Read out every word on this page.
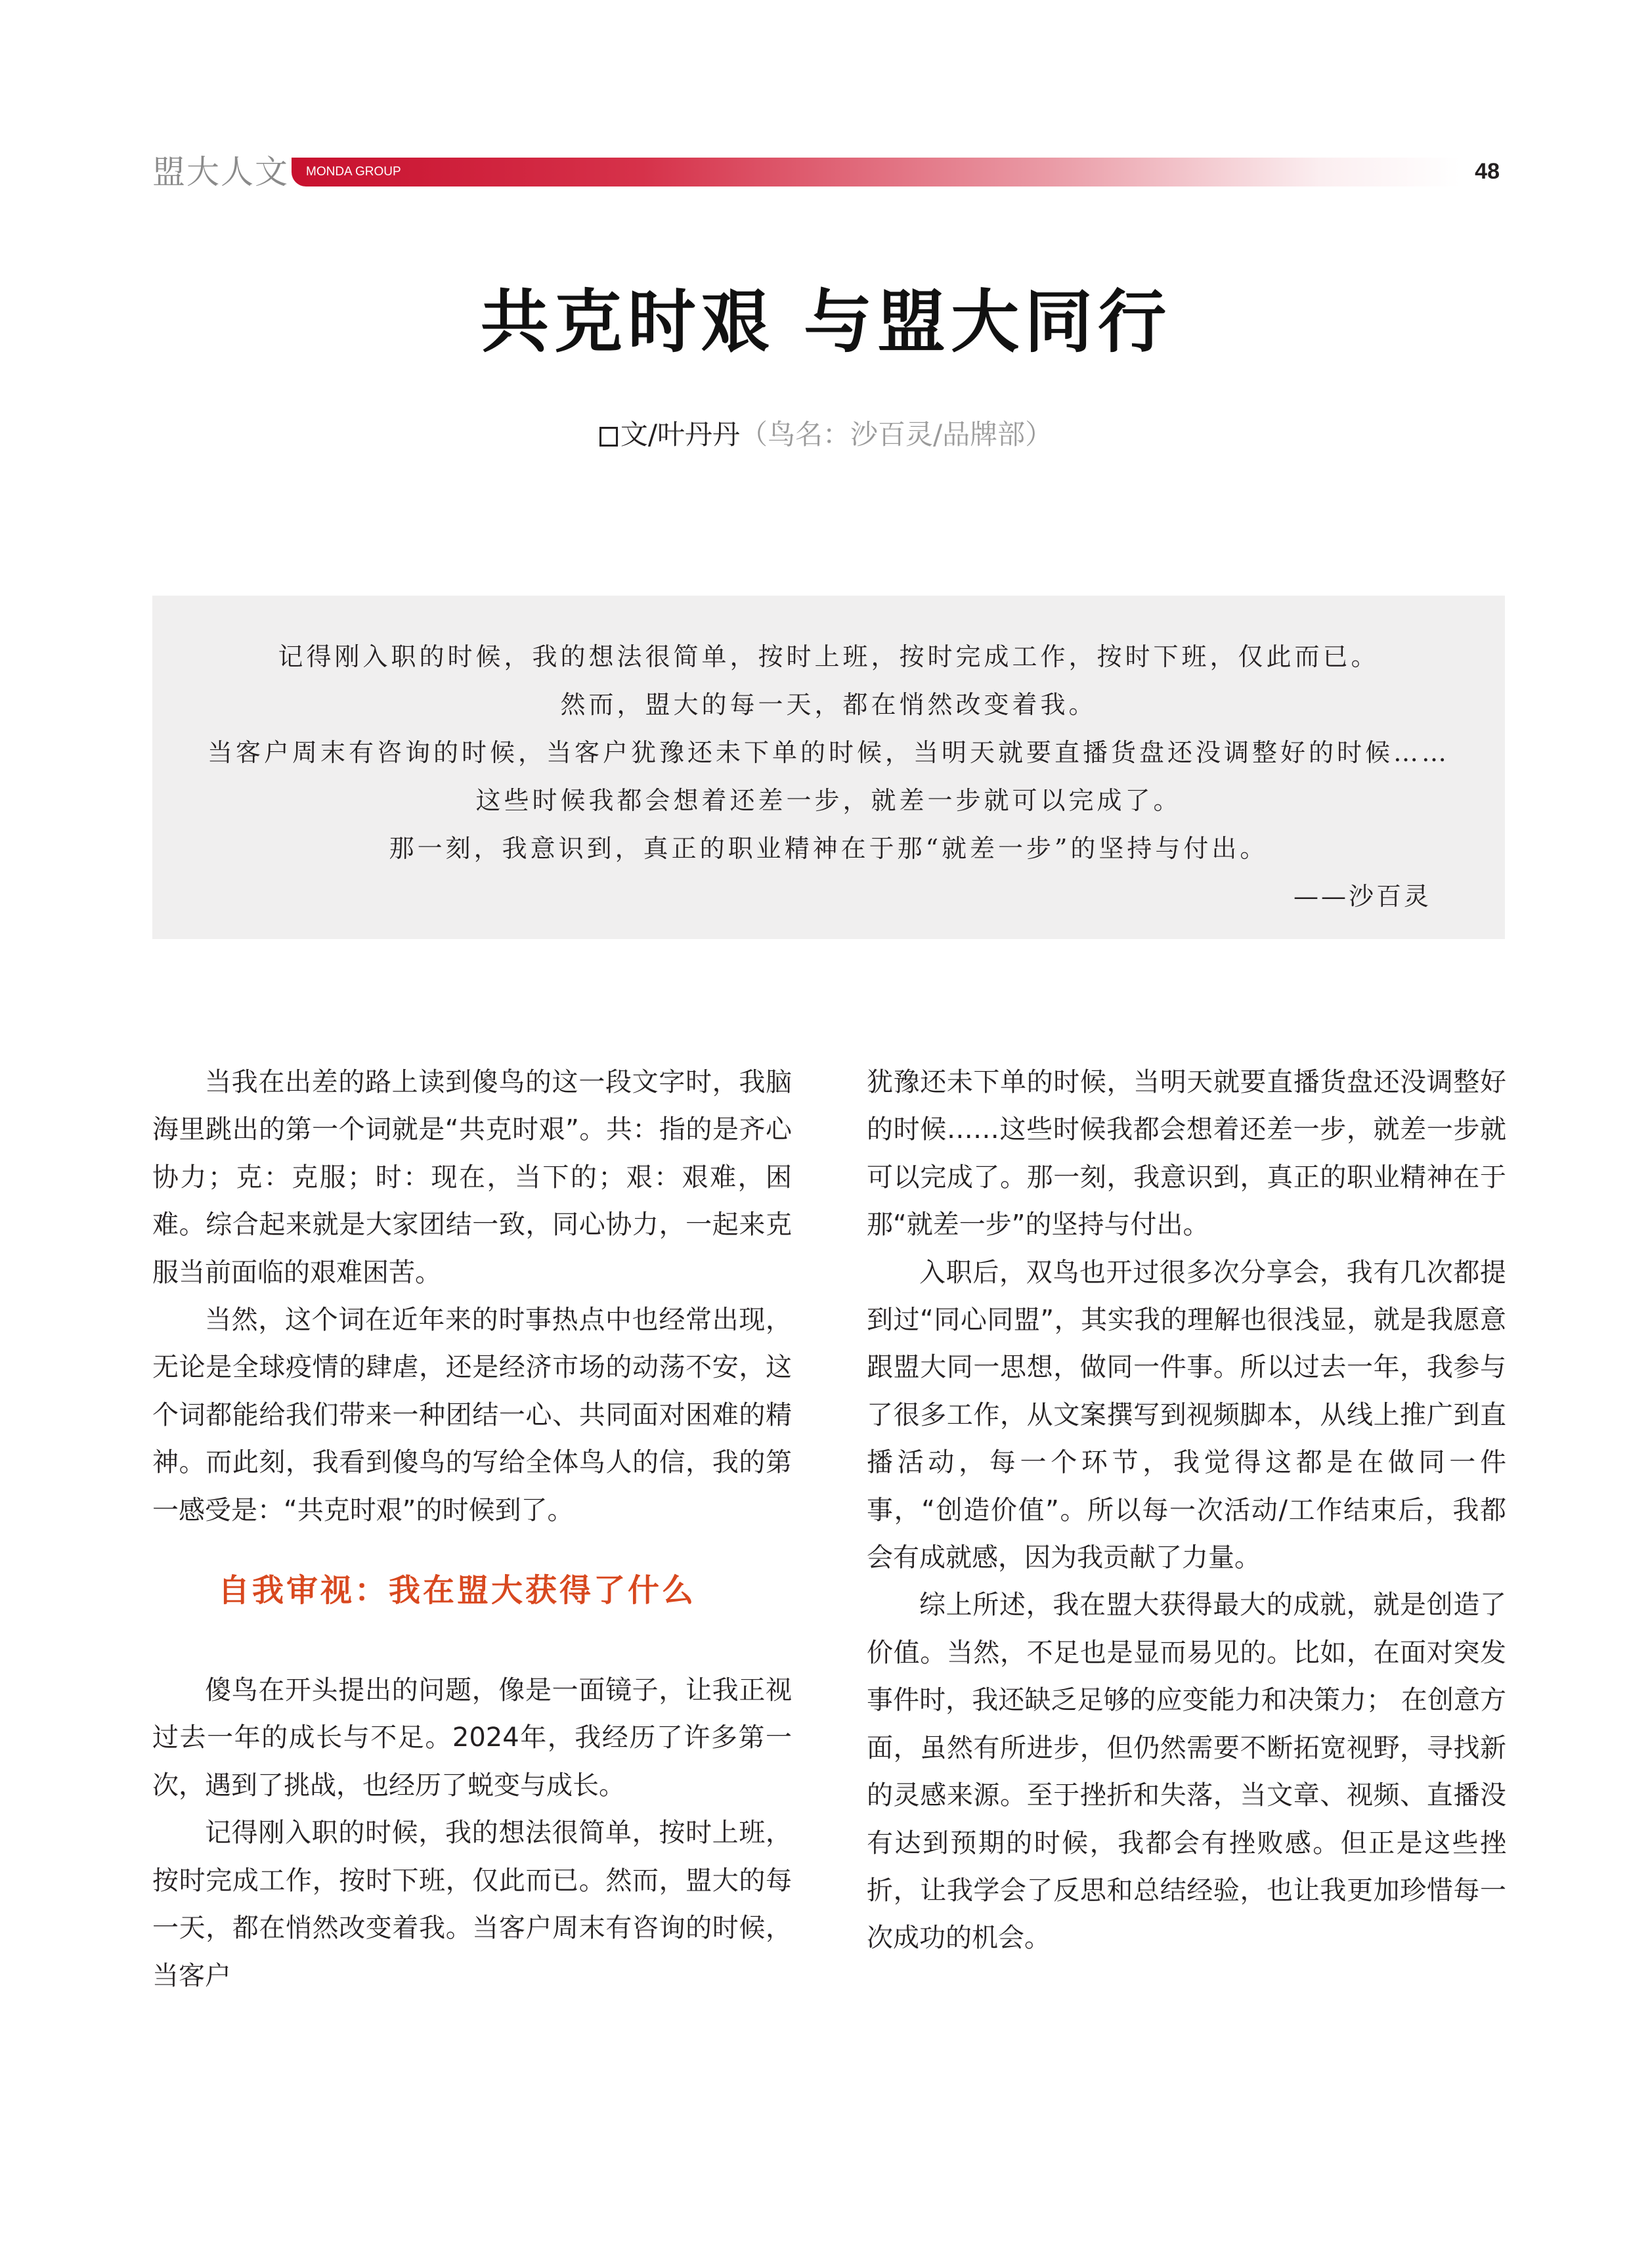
盟大人文 MONDA GROUP	48
共克时艰 与盟大同行
文/叶丹丹（鸟名：沙百灵/品牌部）
记得刚入职的时候，我的想法很简单，按时上班，按时完成工作，按时下班，仅此而已。
然而，盟大的每一天，都在悄然改变着我。
当客户周末有咨询的时候，当客户犹豫还未下单的时候，当明天就要直播货盘还没调整好的时候……
这些时候我都会想着还差一步，就差一步就可以完成了。
那一刻，我意识到，真正的职业精神在于那“就差一步”的坚持与付出。
——沙百灵

当我在出差的路上读到傻鸟的这一段文字时，我脑海里跳出的第一个词就是“共克时艰”。共：指的是齐心协力；克：克服；时：现在，当下的；艰：艰难，困难。综合起来就是大家团结一致，同心协力，一起来克服当前面临的艰难困苦。

当然，这个词在近年来的时事热点中也经常出现，无论是全球疫情的肆虐，还是经济市场的动荡不安，这个词都能给我们带来一种团结一心、共同面对困难的精神。而此刻，我看到傻鸟的写给全体鸟人的信，我的第一感受是：“共克时艰”的时候到了。

自我审视：我在盟大获得了什么

傻鸟在开头提出的问题，像是一面镜子，让我正视过去一年的成长与不足。2024年，我经历了许多第一次，遇到了挑战，也经历了蜕变与成长。

记得刚入职的时候，我的想法很简单，按时上班，按时完成工作，按时下班，仅此而已。然而，盟大的每一天，都在悄然改变着我。当客户周末有咨询的时候，当客户

犹豫还未下单的时候，当明天就要直播货盘还没调整好的时候……这些时候我都会想着还差一步，就差一步就可以完成了。那一刻，我意识到，真正的职业精神在于那“就差一步”的坚持与付出。

入职后，双鸟也开过很多次分享会，我有几次都提到过“同心同盟”，其实我的理解也很浅显，就是我愿意跟盟大同一思想，做同一件事。所以过去一年，我参与了很多工作，从文案撰写到视频脚本，从线上推广到直播活动，每一个环节，我觉得这都是在做同一件事，“创造价值”。所以每一次活动/工作结束后，我都会有成就感，因为我贡献了力量。

综上所述，我在盟大获得最大的成就，就是创造了价值。当然，不足也是显而易见的。比如，在面对突发事件时，我还缺乏足够的应变能力和决策力； 在创意方面，虽然有所进步，但仍然需要不断拓宽视野，寻找新的灵感来源。至于挫折和失落，当文章、视频、直播没有达到预期的时候，我都会有挫败感。但正是这些挫折，让我学会了反思和总结经验，也让我更加珍惜每一次成功的机会。
